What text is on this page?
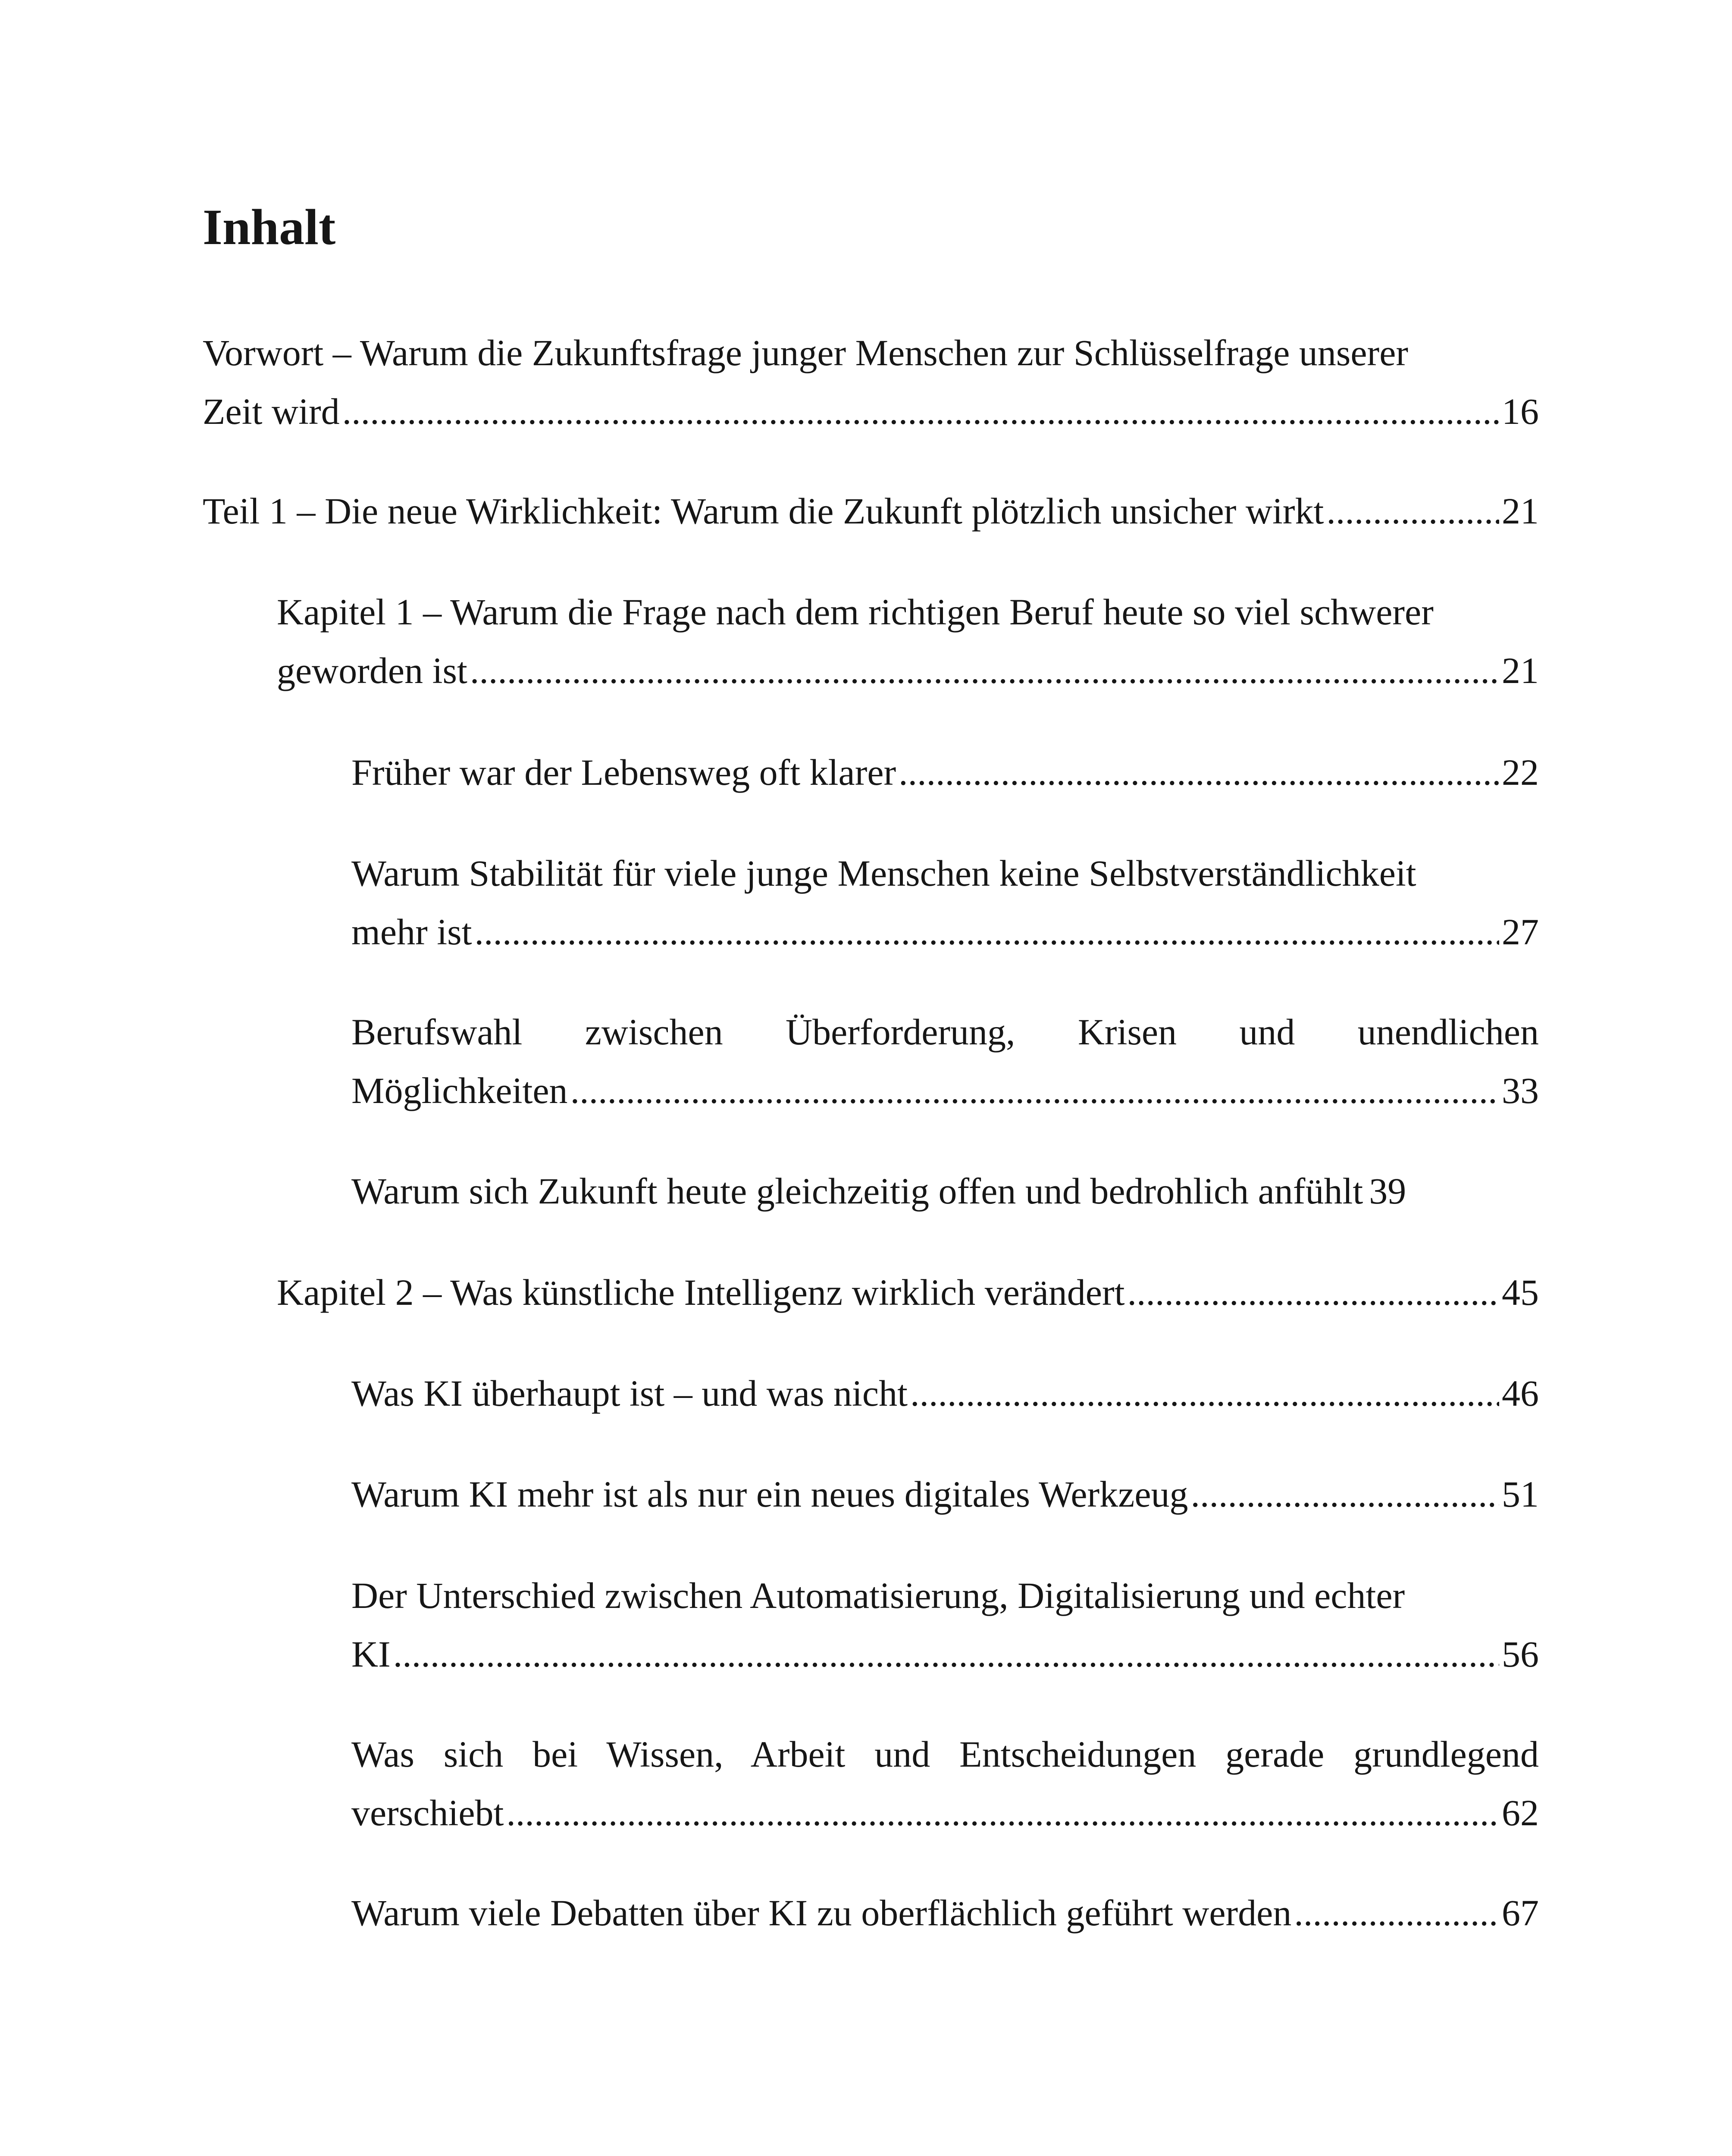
Inhalt
Vorwort – Warum die Zukunftsfrage junger Menschen zur Schlüsselfrage unserer
Zeit wird .....	16
Teil 1 – Die neue Wirklichkeit: Warum die Zukunft plötzlich unsicher wirkt .....	21
Kapitel 1 – Warum die Frage nach dem richtigen Beruf heute so viel schwerer
geworden ist .....	21
Früher war der Lebensweg oft klarer .....	22
Warum Stabilität für viele junge Menschen keine Selbstverständlichkeit
mehr ist .....	27
Berufswahl zwischen Überforderung, Krisen und unendlichen
Möglichkeiten .....	33
Warum sich Zukunft heute gleichzeitig offen und bedrohlich anfühlt 39
Kapitel 2 – Was künstliche Intelligenz wirklich verändert .....	45
Was KI überhaupt ist – und was nicht .....	46
Warum KI mehr ist als nur ein neues digitales Werkzeug .....	51
Der Unterschied zwischen Automatisierung, Digitalisierung und echter
KI .....	56
Was sich bei Wissen, Arbeit und Entscheidungen gerade grundlegend
verschiebt .....	62
Warum viele Debatten über KI zu oberflächlich geführt werden .....	67
